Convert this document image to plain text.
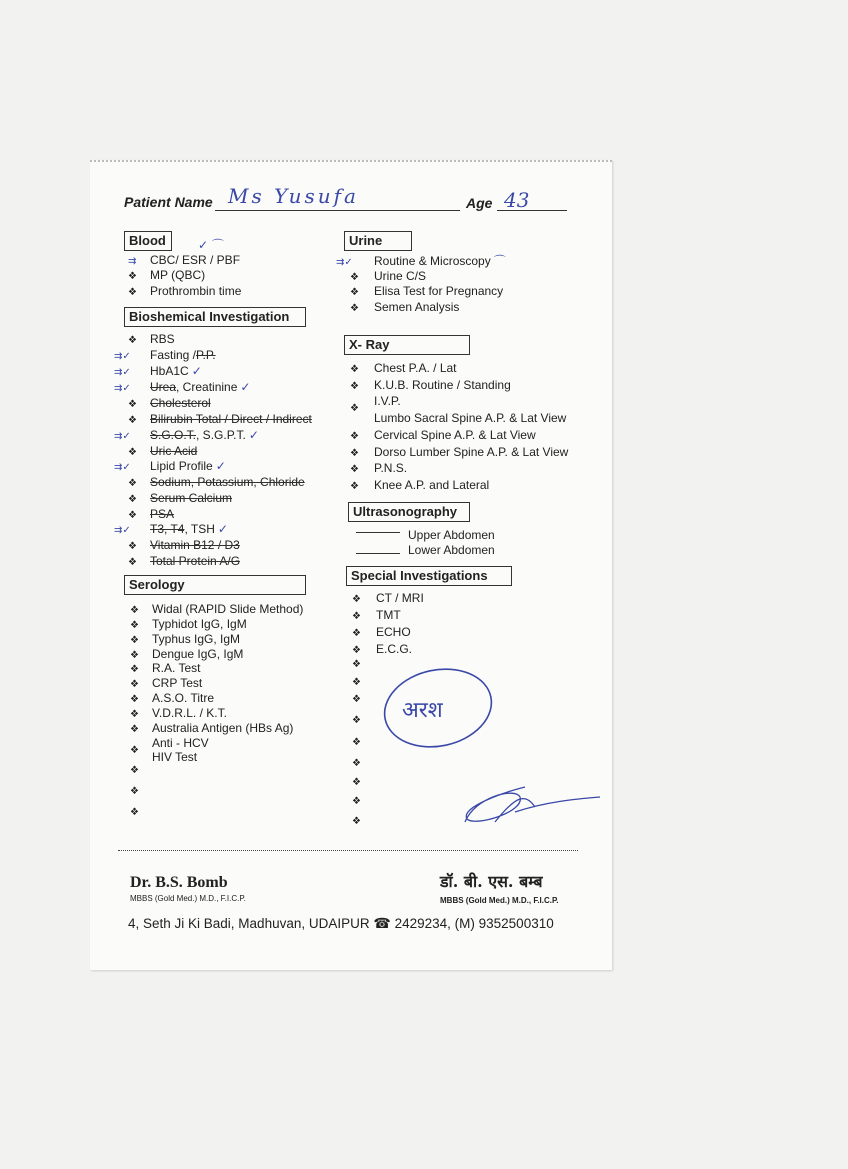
Patient Name Ms Yusufa	Age 43
Blood	✓ ⌒
⇉ CBC/ ESR / PBF
❖ MP (QBC)
❖ Prothrombin time
Bioshemical Investigation
❖ RBS
⇉✓ Fasting /P.P.
⇉✓ HbA1C ✓
⇉✓ Urea, Creatinine ✓
❖ Cholesterol
❖ Bilirubin Total / Direct / Indirect
⇉✓ S.G.O.T., S.G.P.T. ✓
❖ Uric Acid
⇉✓ Lipid Profile ✓
❖ Sodium, Potassium, Chloride
❖ Serum Calcium
❖ PSA
⇉✓ T3, T4, TSH ✓
❖ Vitamin B12 / D3
❖ Total Protein A/G
Serology
❖ Widal (RAPID Slide Method)
❖ Typhidot IgG, IgM
❖ Typhus IgG, IgM
❖ Dengue IgG, IgM
❖ R.A. Test
❖ CRP Test
❖ A.S.O. Titre
❖ V.D.R.L. / K.T.
❖ Australia Antigen (HBs Ag)
❖Anti - HCV
HIV Test
❖
❖
❖
Urine
⇉✓ Routine & Microscopy ⌒
❖ Urine C/S
❖ Elisa Test for Pregnancy
❖ Semen Analysis
X- Ray
❖ Chest P.A. / Lat
❖ K.U.B. Routine / Standing
❖I.V.P.
Lumbo Sacral Spine A.P. & Lat View
❖ Cervical Spine A.P. & Lat View
❖ Dorso Lumber Spine A.P. & Lat View
❖ P.N.S.
❖ Knee A.P. and Lateral
Ultrasonography
Upper Abdomen
Lower Abdomen
Special Investigations
❖ CT / MRI
❖ TMT
❖ ECHO
❖ E.C.G.
❖
❖
❖
❖
❖
❖
❖
❖
❖
अरश
Dr. B.S. Bomb
MBBS (Gold Med.) M.D., F.I.C.P.
डॉ. बी. एस. बम्ब
MBBS (Gold Med.) M.D., F.I.C.P.
4, Seth Ji Ki Badi, Madhuvan, UDAIPUR ☎ 2429234, (M) 9352500310
